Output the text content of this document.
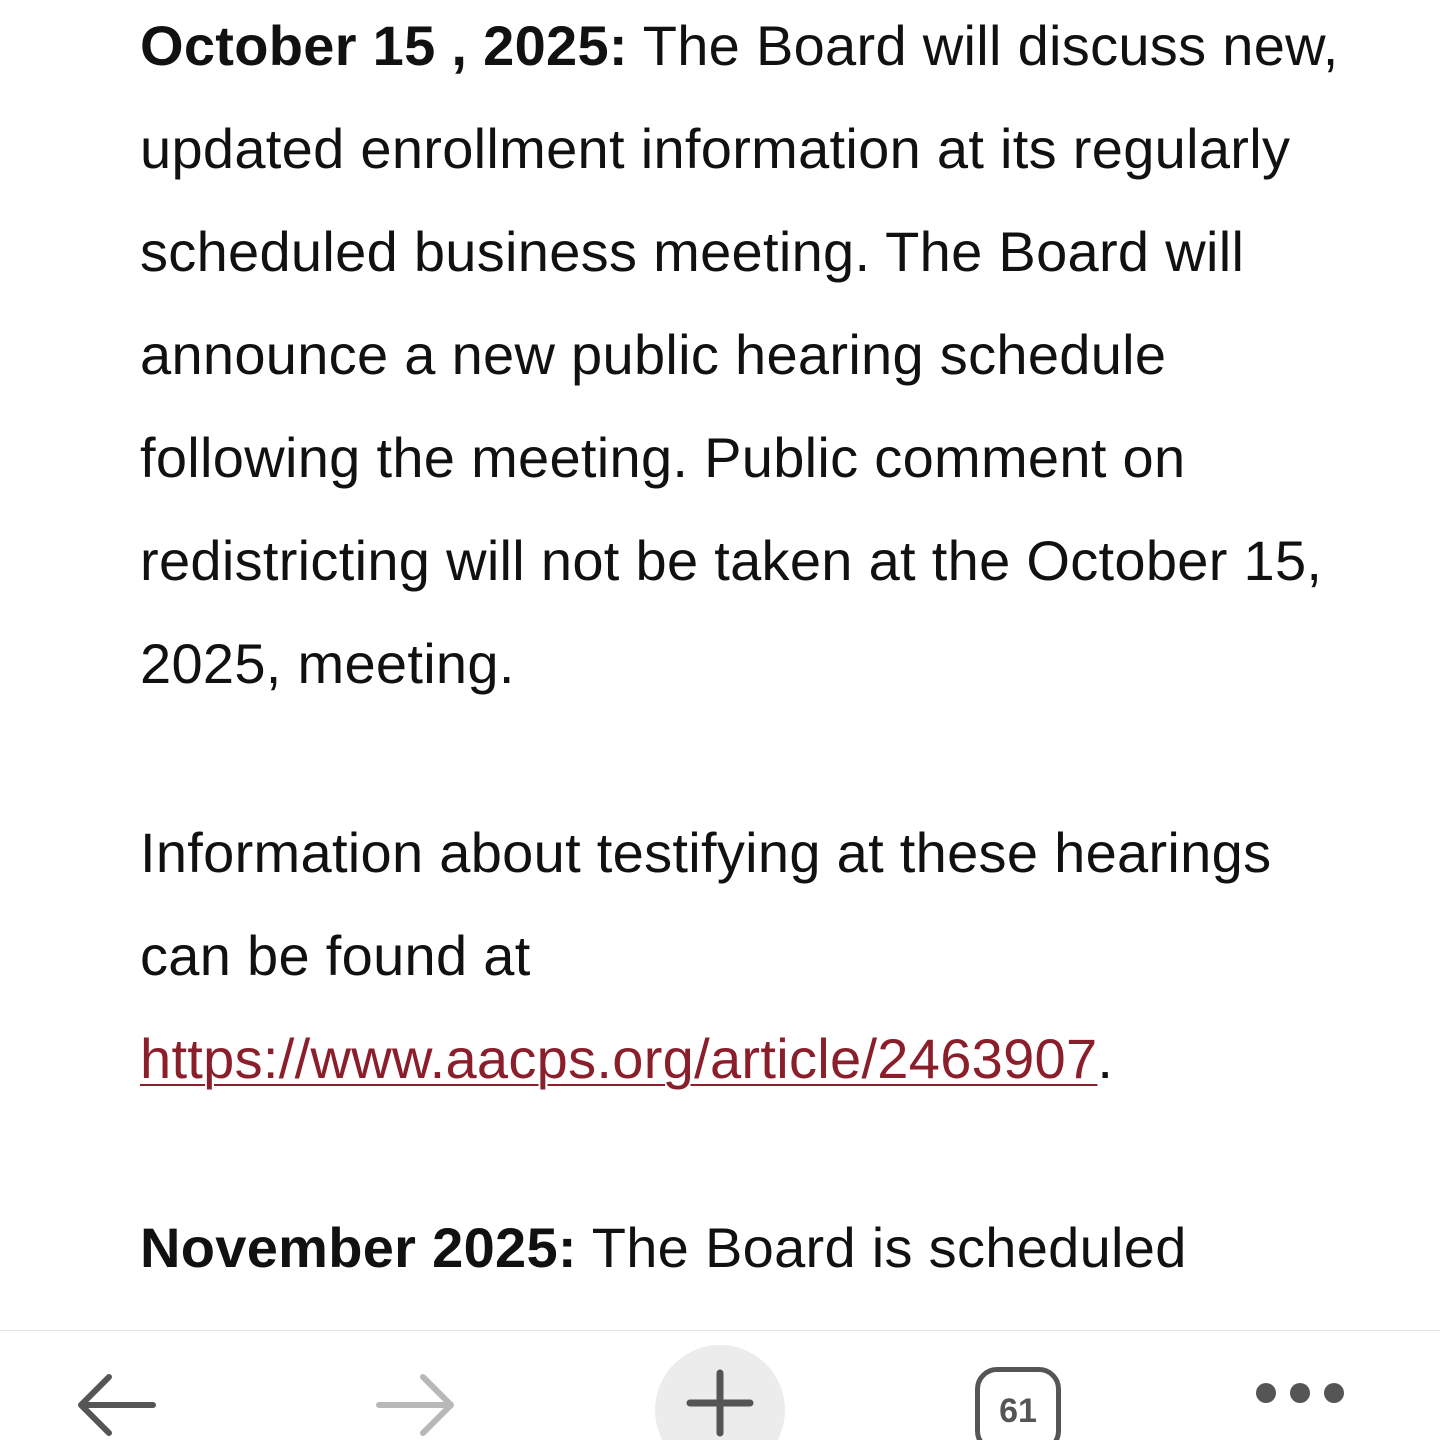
October 15 , 2025: The Board will discuss new, updated enrollment information at its regularly scheduled business meeting. The Board will announce a new public hearing schedule following the meeting. Public comment on redistricting will not be taken at the October 15, 2025, meeting.

Information about testifying at these hearings can be found at https://www.aacps.org/article/2463907.

November 2025: The Board is scheduled

61
